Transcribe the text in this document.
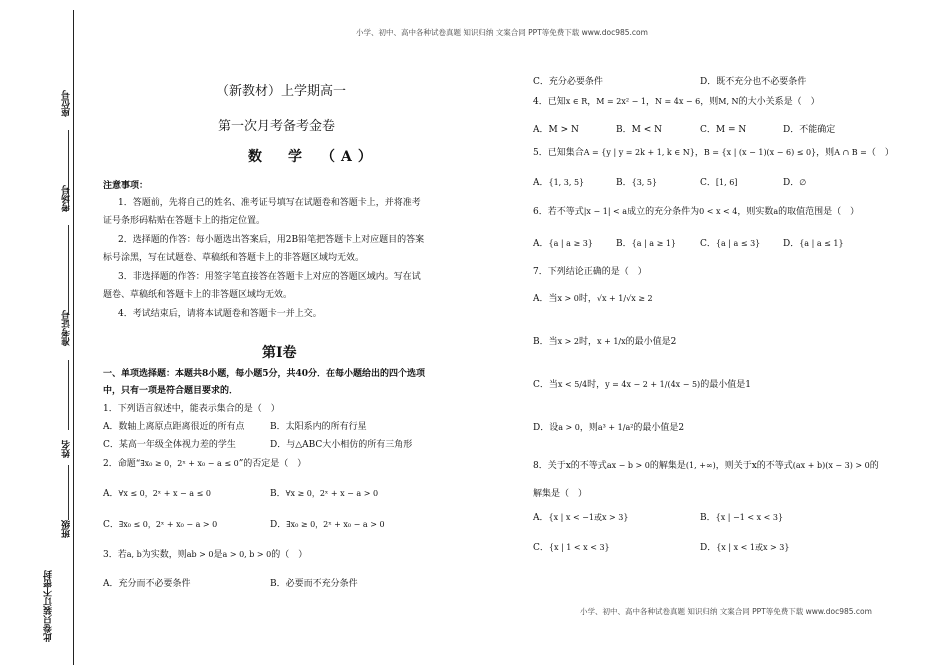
小学、初中、高中各种试卷真题 知识归纳 文案合同 PPT等免费下载 www.doc985.com
小学、初中、高中各种试卷真题 知识归纳 文案合同 PPT等免费下载 www.doc985.com
座位号
考场号
准考证号
姓名
班级
此卷只装订不密封
（新教材）上学期高一
第一次月考备考金卷
数　学　（A）
注意事项：
1．答题前，先将自己的姓名、准考证号填写在试题卷和答题卡上，并将准考
证号条形码粘贴在答题卡上的指定位置。
2．选择题的作答：每小题选出答案后，用2B铅笔把答题卡上对应题目的答案
标号涂黑，写在试题卷、草稿纸和答题卡上的非答题区域均无效。
3．非选择题的作答：用签字笔直接答在答题卡上对应的答题区域内。写在试
题卷、草稿纸和答题卡上的非答题区域均无效。
4．考试结束后，请将本试题卷和答题卡一并上交。
第Ⅰ卷
一、单项选择题：本题共8小题，每小题5分，共40分．在每小题给出的四个选项
中，只有一项是符合题目要求的．
1．下列语言叙述中，能表示集合的是（　）
A．数轴上离原点距离很近的所有点	B．太阳系内的所有行星
C．某高一年级全体视力差的学生	D．与△ABC大小相仿的所有三角形
2．命题“∃x₀ ≥ 0，2ˣ + x₀ − a ≤ 0”的否定是（　）
A．∀x ≤ 0，2ˣ + x − a ≤ 0	B．∀x ≥ 0，2ˣ + x − a > 0
C．∃x₀ ≤ 0，2ˣ + x₀ − a > 0	D．∃x₀ ≥ 0，2ˣ + x₀ − a > 0
3．若a, b为实数，则ab > 0是a > 0, b > 0的（　）
A．充分而不必要条件	B．必要而不充分条件
C．充分必要条件	D．既不充分也不必要条件
4．已知x ∈ R，M = 2x² − 1，N = 4x − 6，则M, N的大小关系是（　）
A．M > N	B．M < N	C．M = N	D．不能确定
5．已知集合A = {y | y = 2k + 1, k ∈ N}，B = {x | (x − 1)(x − 6) ≤ 0}，则A ∩ B =（　）
A．{1, 3, 5}	B．{3, 5}	C．[1, 6]	D．∅
6．若不等式|x − 1| < a成立的充分条件为0 < x < 4，则实数a的取值范围是（　）
A．{a | a ≥ 3}	B．{a | a ≥ 1}	C．{a | a ≤ 3}	D．{a | a ≤ 1}
7．下列结论正确的是（　）
A．当x > 0时，√x + 1/√x ≥ 2
B．当x > 2时，x + 1/x的最小值是2
C．当x < 5/4时，y = 4x − 2 + 1/(4x − 5)的最小值是1
D．设a > 0，则a³ + 1/a²的最小值是2
8．关于x的不等式ax − b > 0的解集是(1, +∞)，则关于x的不等式(ax + b)(x − 3) > 0的
解集是（　）
A．{x | x < −1或x > 3}	B．{x | −1 < x < 3}
C．{x | 1 < x < 3}	D．{x | x < 1或x > 3}
